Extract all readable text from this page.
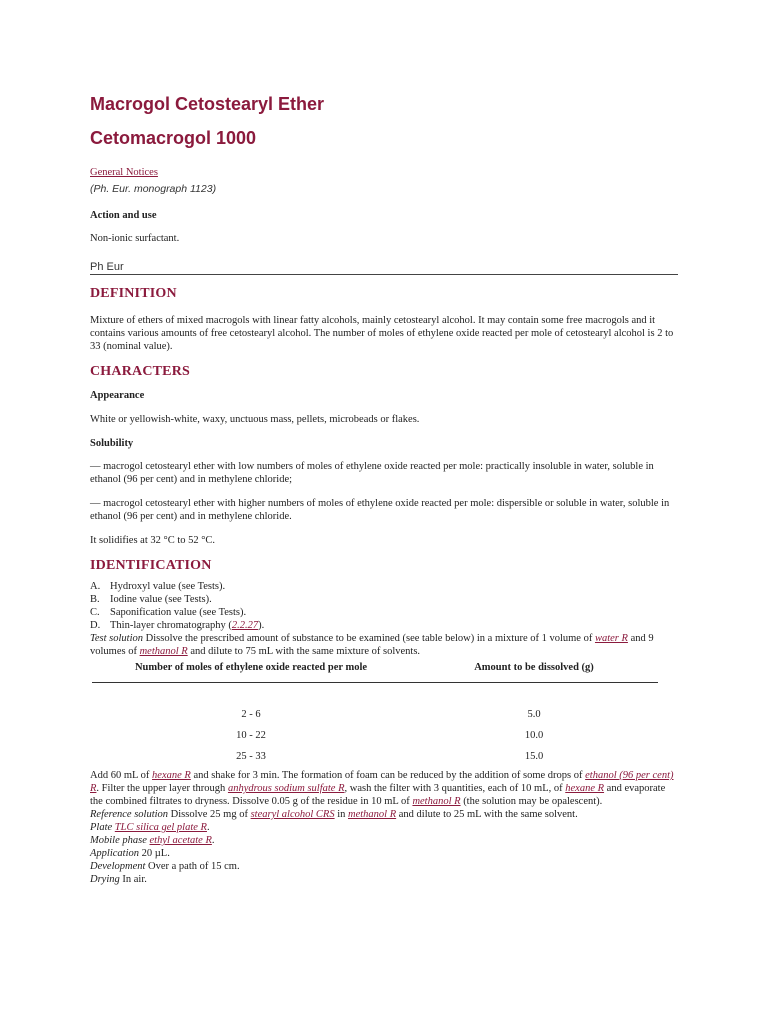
Macrogol Cetostearyl Ether
Cetomacrogol 1000
General Notices
(Ph. Eur. monograph 1123)
Action and use

Non-ionic surfactant.

Ph Eur
DEFINITION

Mixture of ethers of mixed macrogols with linear fatty alcohols, mainly cetostearyl alcohol. It may contain some free macrogols and it contains various amounts of free cetostearyl alcohol. The number of moles of ethylene oxide reacted per mole of cetostearyl alcohol is 2 to 33 (nominal value).

CHARACTERS
Appearance

White or yellowish-white, waxy, unctuous mass, pellets, microbeads or flakes.

Solubility

— macrogol cetostearyl ether with low numbers of moles of ethylene oxide reacted per mole: practically insoluble in water, soluble in ethanol (96 per cent) and in methylene chloride;

— macrogol cetostearyl ether with higher numbers of moles of ethylene oxide reacted per mole: dispersible or soluble in water, soluble in ethanol (96 per cent) and in methylene chloride.

It solidifies at 32 °C to 52 °C.

IDENTIFICATION
A. Hydroxyl value (see Tests).
B. Iodine value (see Tests).
C. Saponification value (see Tests).
D. Thin-layer chromatography (2.2.27).

Test solution Dissolve the prescribed amount of substance to be examined (see table below) in a mixture of 1 volume of water R and 9 volumes of methanol R and dilute to 75 mL with the same mixture of solvents.

Number of moles of ethylene oxide reacted per mole	Amount to be dissolved (g)

2 - 6	5.0
10 - 22	10.0
25 - 33	15.0

Add 60 mL of hexane R and shake for 3 min. The formation of foam can be reduced by the addition of some drops of ethanol (96 per cent) R. Filter the upper layer through anhydrous sodium sulfate R, wash the filter with 3 quantities, each of 10 mL, of hexane R and evaporate the combined filtrates to dryness. Dissolve 0.05 g of the residue in 10 mL of methanol R (the solution may be opalescent).

Reference solution Dissolve 25 mg of stearyl alcohol CRS in methanol R and dilute to 25 mL with the same solvent.

Plate TLC silica gel plate R.

Mobile phase ethyl acetate R.

Application 20 µL.

Development Over a path of 15 cm.

Drying In air.
